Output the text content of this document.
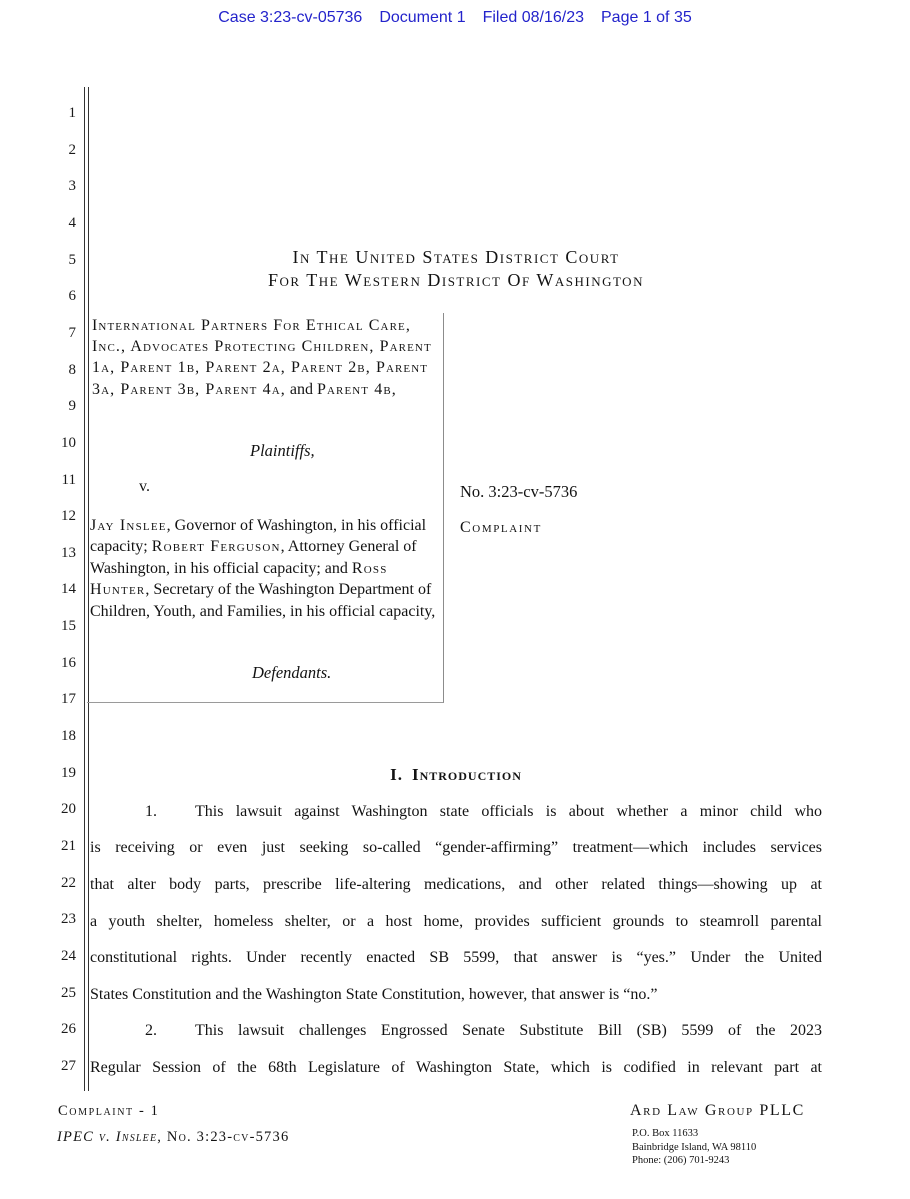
Case 3:23-cv-05736 Document 1 Filed 08/16/23 Page 1 of 35
1
2
3
4
5
6
7
8
9
10
11
12
13
14
15
16
17
18
19
20
21
22
23
24
25
26
27
In The United States District Court
For The Western District Of Washington
International Partners For Ethical Care, Inc., Advocates Protecting Children, Parent 1a, Parent 1b, Parent 2a, Parent 2b, Parent 3a, Parent 3b, Parent 4a, and Parent 4b,
Plaintiffs,
v.
Jay Inslee, Governor of Washington, in his official capacity; Robert Ferguson, Attorney General of Washington, in his official capacity; and Ross Hunter, Secretary of the Washington Department of Children, Youth, and Families, in his official capacity,
Defendants.
No. 3:23-cv-5736
Complaint
I. Introduction
1. This lawsuit against Washington state officials is about whether a minor child who
is receiving or even just seeking so-called “gender-affirming” treatment—which includes services
that alter body parts, prescribe life-altering medications, and other related things—showing up at
a youth shelter, homeless shelter, or a host home, provides sufficient grounds to steamroll parental
constitutional rights. Under recently enacted SB 5599, that answer is “yes.” Under the United
States Constitution and the Washington State Constitution, however, that answer is “no.”
2. This lawsuit challenges Engrossed Senate Substitute Bill (SB) 5599 of the 2023
Regular Session of the 68th Legislature of Washington State, which is codified in relevant part at
Complaint - 1
IPEC v. Inslee, No. 3:23-cv-5736
Ard Law Group PLLC
P.O. Box 11633
Bainbridge Island, WA 98110
Phone: (206) 701-9243
